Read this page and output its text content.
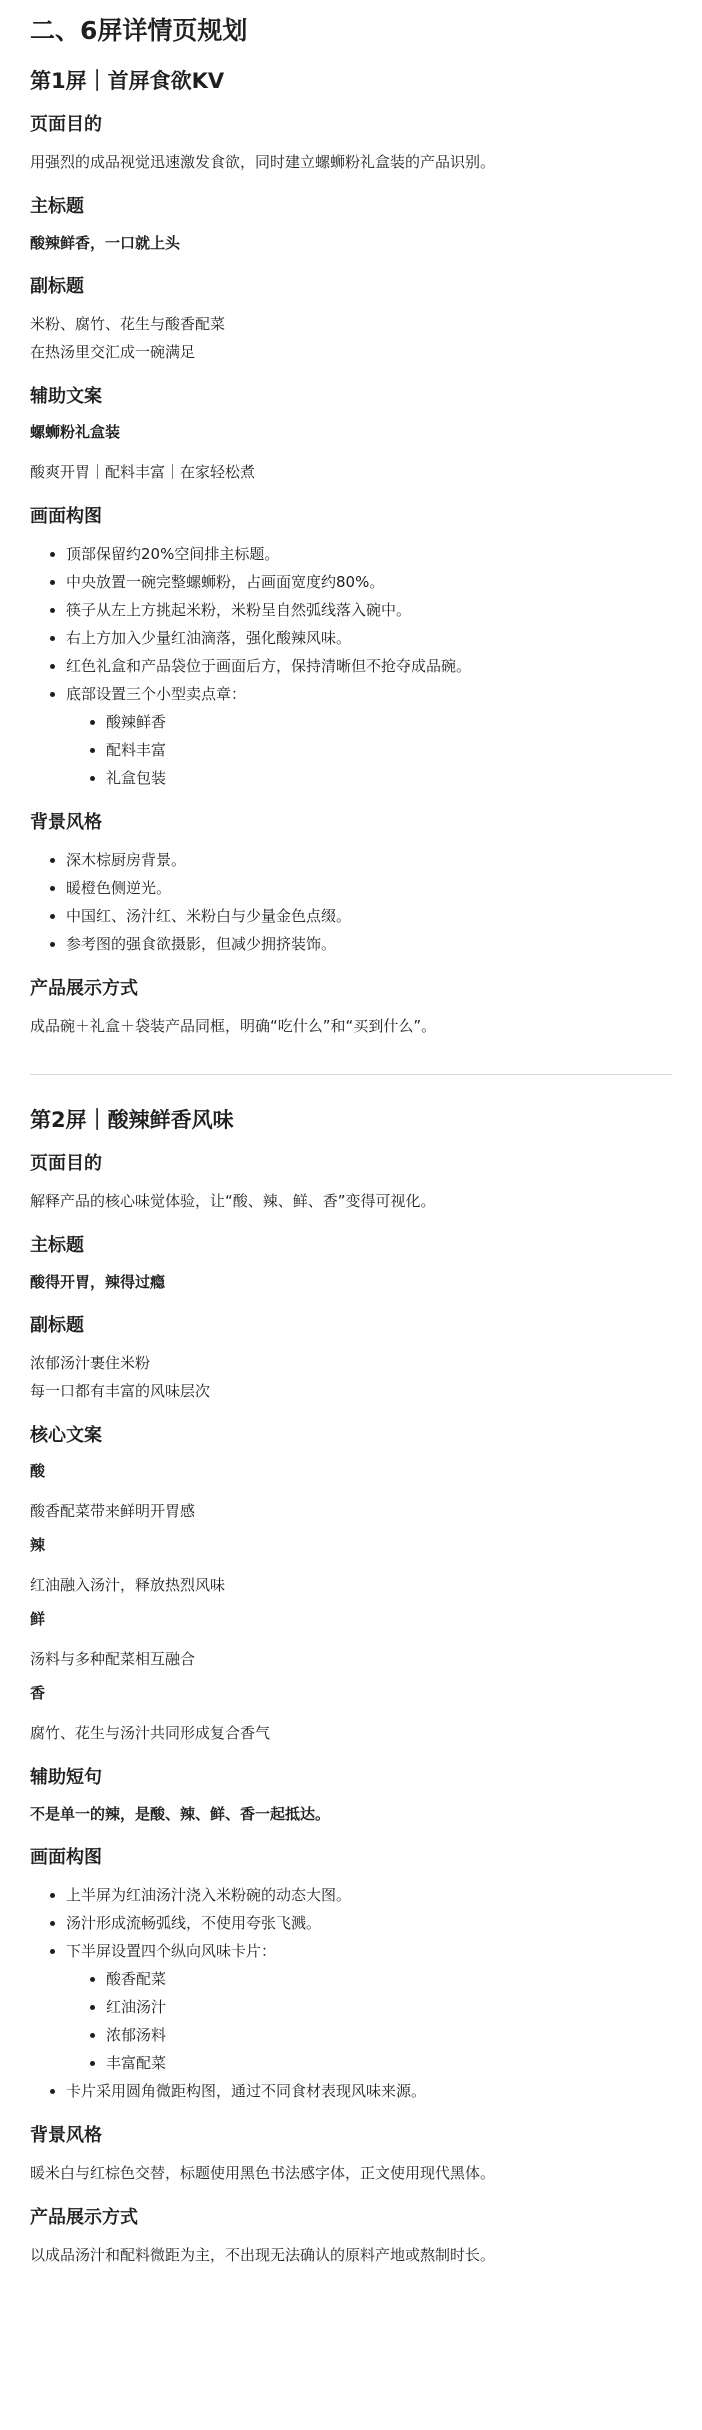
二、6屏详情页规划
第1屏｜首屏食欲KV
页面目的

用强烈的成品视觉迅速激发食欲，同时建立螺蛳粉礼盒装的产品识别。

主标题

酸辣鲜香，一口就上头

副标题

米粉、腐竹、花生与酸香配菜

在热汤里交汇成一碗满足

辅助文案

螺蛳粉礼盒装

酸爽开胃｜配料丰富｜在家轻松煮

画面构图
• 顶部保留约20%空间排主标题。
• 中央放置一碗完整螺蛳粉，占画面宽度约80%。
• 筷子从左上方挑起米粉，米粉呈自然弧线落入碗中。
• 右上方加入少量红油滴落，强化酸辣风味。
• 红色礼盒和产品袋位于画面后方，保持清晰但不抢夺成品碗。
• 底部设置三个小型卖点章：
• 酸辣鲜香
• 配料丰富
• 礼盒包装
背景风格
• 深木棕厨房背景。
• 暖橙色侧逆光。
• 中国红、汤汁红、米粉白与少量金色点缀。
• 参考图的强食欲摄影，但减少拥挤装饰。
产品展示方式

成品碗＋礼盒＋袋装产品同框，明确“吃什么”和“买到什么”。

第2屏｜酸辣鲜香风味
页面目的

解释产品的核心味觉体验，让“酸、辣、鲜、香”变得可视化。

主标题

酸得开胃，辣得过瘾

副标题

浓郁汤汁裹住米粉

每一口都有丰富的风味层次

核心文案

酸

酸香配菜带来鲜明开胃感

辣

红油融入汤汁，释放热烈风味

鲜

汤料与多种配菜相互融合

香

腐竹、花生与汤汁共同形成复合香气

辅助短句

不是单一的辣，是酸、辣、鲜、香一起抵达。

画面构图
• 上半屏为红油汤汁浇入米粉碗的动态大图。
• 汤汁形成流畅弧线，不使用夸张飞溅。
• 下半屏设置四个纵向风味卡片：
• 酸香配菜
• 红油汤汁
• 浓郁汤料
• 丰富配菜
• 卡片采用圆角微距构图，通过不同食材表现风味来源。
背景风格

暖米白与红棕色交替，标题使用黑色书法感字体，正文使用现代黑体。

产品展示方式

以成品汤汁和配料微距为主，不出现无法确认的原料产地或熬制时长。
